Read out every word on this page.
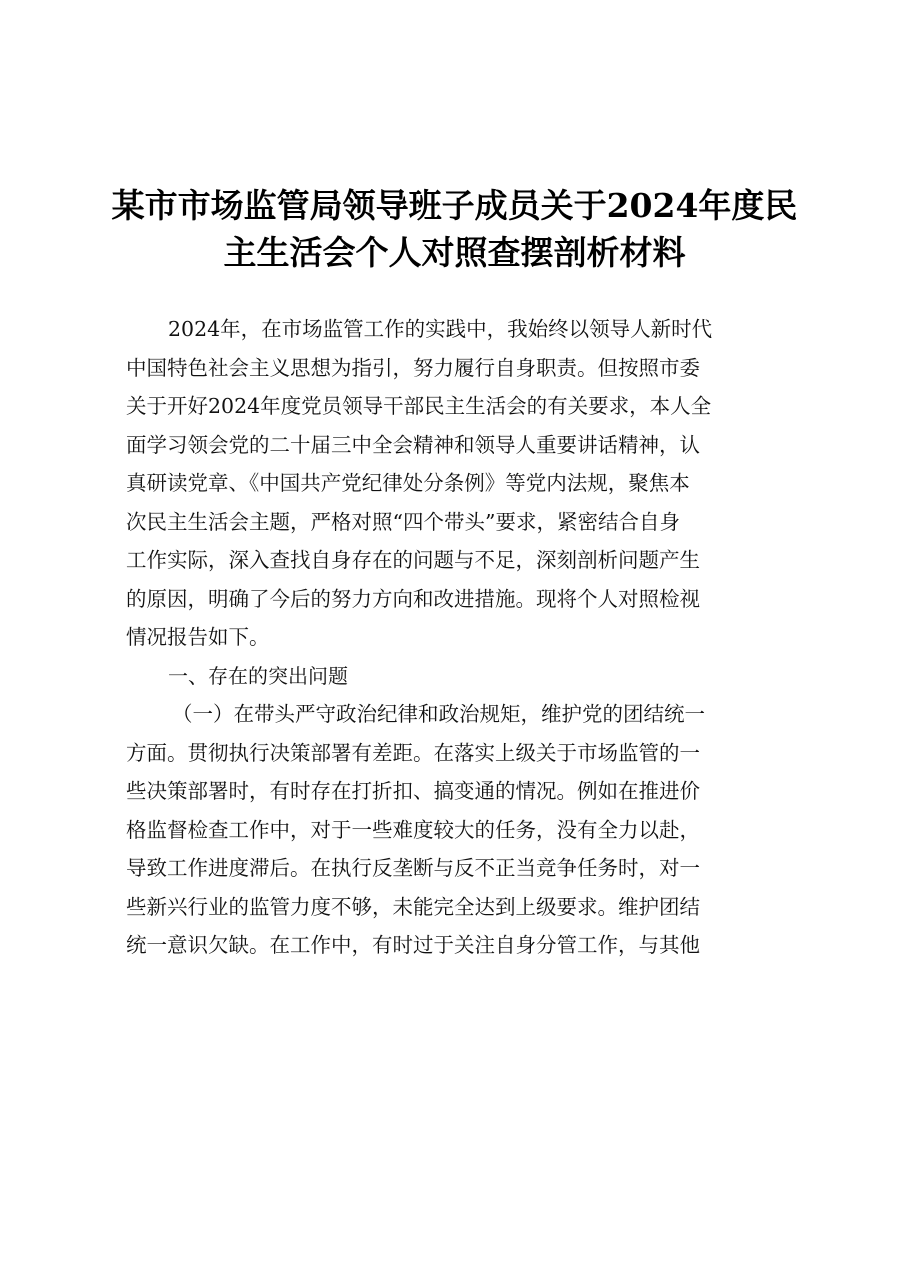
某市市场监管局领导班子成员关于2024年度民
主生活会个人对照查摆剖析材料
2024年，在市场监管工作的实践中，我始终以领导人新时代
中国特色社会主义思想为指引，努力履行自身职责。但按照市委
关于开好2024年度党员领导干部民主生活会的有关要求，本人全
面学习领会党的二十届三中全会精神和领导人重要讲话精神，认
真研读党章、《中国共产党纪律处分条例》等党内法规，聚焦本
次民主生活会主题，严格对照“四个带头”要求，紧密结合自身
工作实际，深入查找自身存在的问题与不足，深刻剖析问题产生
的原因，明确了今后的努力方向和改进措施。现将个人对照检视
情况报告如下。
一、存在的突出问题
（一）在带头严守政治纪律和政治规矩，维护党的团结统一
方面。贯彻执行决策部署有差距。在落实上级关于市场监管的一
些决策部署时，有时存在打折扣、搞变通的情况。例如在推进价
格监督检查工作中，对于一些难度较大的任务，没有全力以赴，
导致工作进度滞后。在执行反垄断与反不正当竞争任务时，对一
些新兴行业的监管力度不够，未能完全达到上级要求。维护团结
统一意识欠缺。在工作中，有时过于关注自身分管工作，与其他
